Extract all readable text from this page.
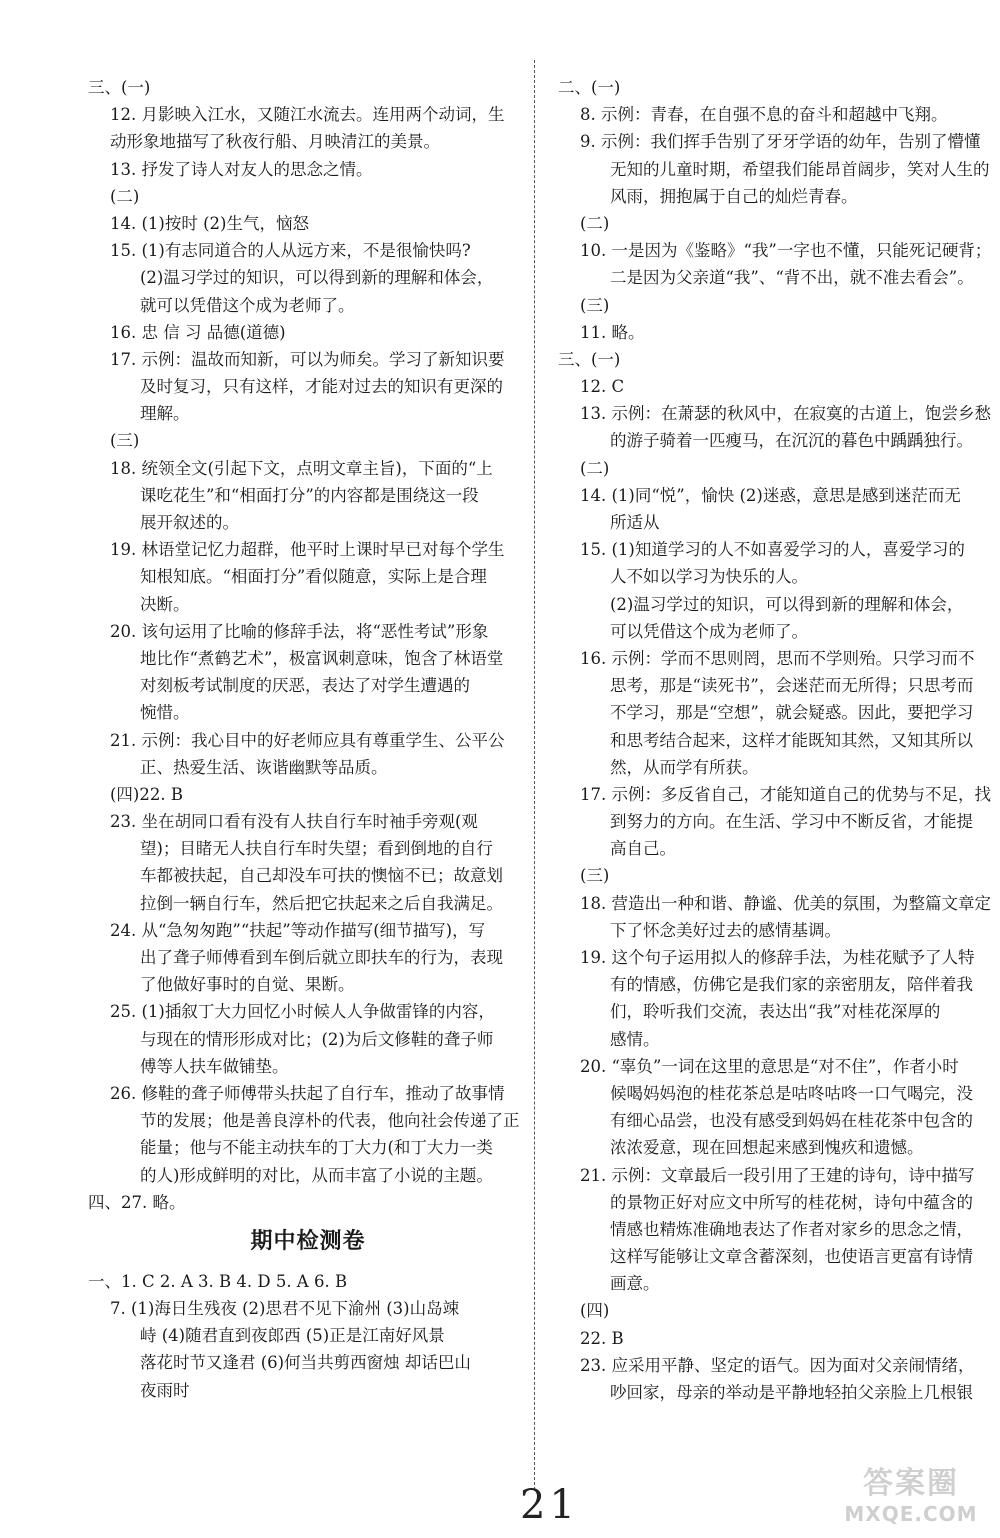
三、(一)
12. 月影映入江水，又随江水流去。连用两个动词，生
动形象地描写了秋夜行船、月映清江的美景。
13. 抒发了诗人对友人的思念之情。
(二)
14. (1)按时 (2)生气，恼怒
15. (1)有志同道合的人从远方来，不是很愉快吗?
(2)温习学过的知识，可以得到新的理解和体会，
就可以凭借这个成为老师了。
16. 忠 信 习 品德(道德)
17. 示例：温故而知新，可以为师矣。学习了新知识要
及时复习，只有这样，才能对过去的知识有更深的
理解。
(三)
18. 统领全文(引起下文，点明文章主旨)，下面的“上
课吃花生”和“相面打分”的内容都是围绕这一段
展开叙述的。
19. 林语堂记忆力超群，他平时上课时早已对每个学生
知根知底。“相面打分”看似随意，实际上是合理
决断。
20. 该句运用了比喻的修辞手法，将“恶性考试”形象
地比作“煮鹤艺术”，极富讽刺意味，饱含了林语堂
对刻板考试制度的厌恶，表达了对学生遭遇的
惋惜。
21. 示例：我心目中的好老师应具有尊重学生、公平公
正、热爱生活、诙谐幽默等品质。
(四)22. B
23. 坐在胡同口看有没有人扶自行车时袖手旁观(观
望)；目睹无人扶自行车时失望；看到倒地的自行
车都被扶起，自己却没车可扶的懊恼不已；故意划
拉倒一辆自行车，然后把它扶起来之后自我满足。
24. 从“急匆匆跑”“扶起”等动作描写(细节描写)，写
出了聋子师傅看到车倒后就立即扶车的行为，表现
了他做好事时的自觉、果断。
25. (1)插叙丁大力回忆小时候人人争做雷锋的内容，
与现在的情形形成对比；(2)为后文修鞋的聋子师
傅等人扶车做铺垫。
26. 修鞋的聋子师傅带头扶起了自行车，推动了故事情
节的发展；他是善良淳朴的代表，他向社会传递了正
能量；他与不能主动扶车的丁大力(和丁大力一类
的人)形成鲜明的对比，从而丰富了小说的主题。
四、27. 略。
期中检测卷
一、1. C 2. A 3. B 4. D 5. A 6. B
7. (1)海日生残夜 (2)思君不见下渝州 (3)山岛竦
峙 (4)随君直到夜郎西 (5)正是江南好风景
落花时节又逢君 (6)何当共剪西窗烛 却话巴山
夜雨时
二、(一)
8. 示例：青春，在自强不息的奋斗和超越中飞翔。
9. 示例：我们挥手告别了牙牙学语的幼年，告别了懵懂
无知的儿童时期，希望我们能昂首阔步，笑对人生的
风雨，拥抱属于自己的灿烂青春。
(二)
10. 一是因为《鉴略》“我”一字也不懂，只能死记硬背；
二是因为父亲道“我”、“背不出，就不准去看会”。
(三)
11. 略。
三、(一)
12. C
13. 示例：在萧瑟的秋风中，在寂寞的古道上，饱尝乡愁
的游子骑着一匹瘦马，在沉沉的暮色中踽踽独行。
(二)
14. (1)同“悦”，愉快 (2)迷惑，意思是感到迷茫而无
所适从
15. (1)知道学习的人不如喜爱学习的人，喜爱学习的
人不如以学习为快乐的人。
(2)温习学过的知识，可以得到新的理解和体会，
可以凭借这个成为老师了。
16. 示例：学而不思则罔，思而不学则殆。只学习而不
思考，那是“读死书”，会迷茫而无所得；只思考而
不学习，那是“空想”，就会疑惑。因此，要把学习
和思考结合起来，这样才能既知其然，又知其所以
然，从而学有所获。
17. 示例：多反省自己，才能知道自己的优势与不足，找
到努力的方向。在生活、学习中不断反省，才能提
高自己。
(三)
18. 营造出一种和谐、静谧、优美的氛围，为整篇文章定
下了怀念美好过去的感情基调。
19. 这个句子运用拟人的修辞手法，为桂花赋予了人特
有的情感，仿佛它是我们家的亲密朋友，陪伴着我
们，聆听我们交流，表达出“我”对桂花深厚的
感情。
20. “辜负”一词在这里的意思是“对不住”，作者小时
候喝妈妈泡的桂花茶总是咕咚咕咚一口气喝完，没
有细心品尝，也没有感受到妈妈在桂花茶中包含的
浓浓爱意，现在回想起来感到愧疚和遗憾。
21. 示例：文章最后一段引用了王建的诗句，诗中描写
的景物正好对应文中所写的桂花树，诗句中蕴含的
情感也精炼准确地表达了作者对家乡的思念之情，
这样写能够让文章含蓄深刻，也使语言更富有诗情
画意。
(四)
22. B
23. 应采用平静、坚定的语气。因为面对父亲闹情绪，
吵回家，母亲的举动是平静地轻拍父亲脸上几根银
21	答案圈
MXQE.COM
